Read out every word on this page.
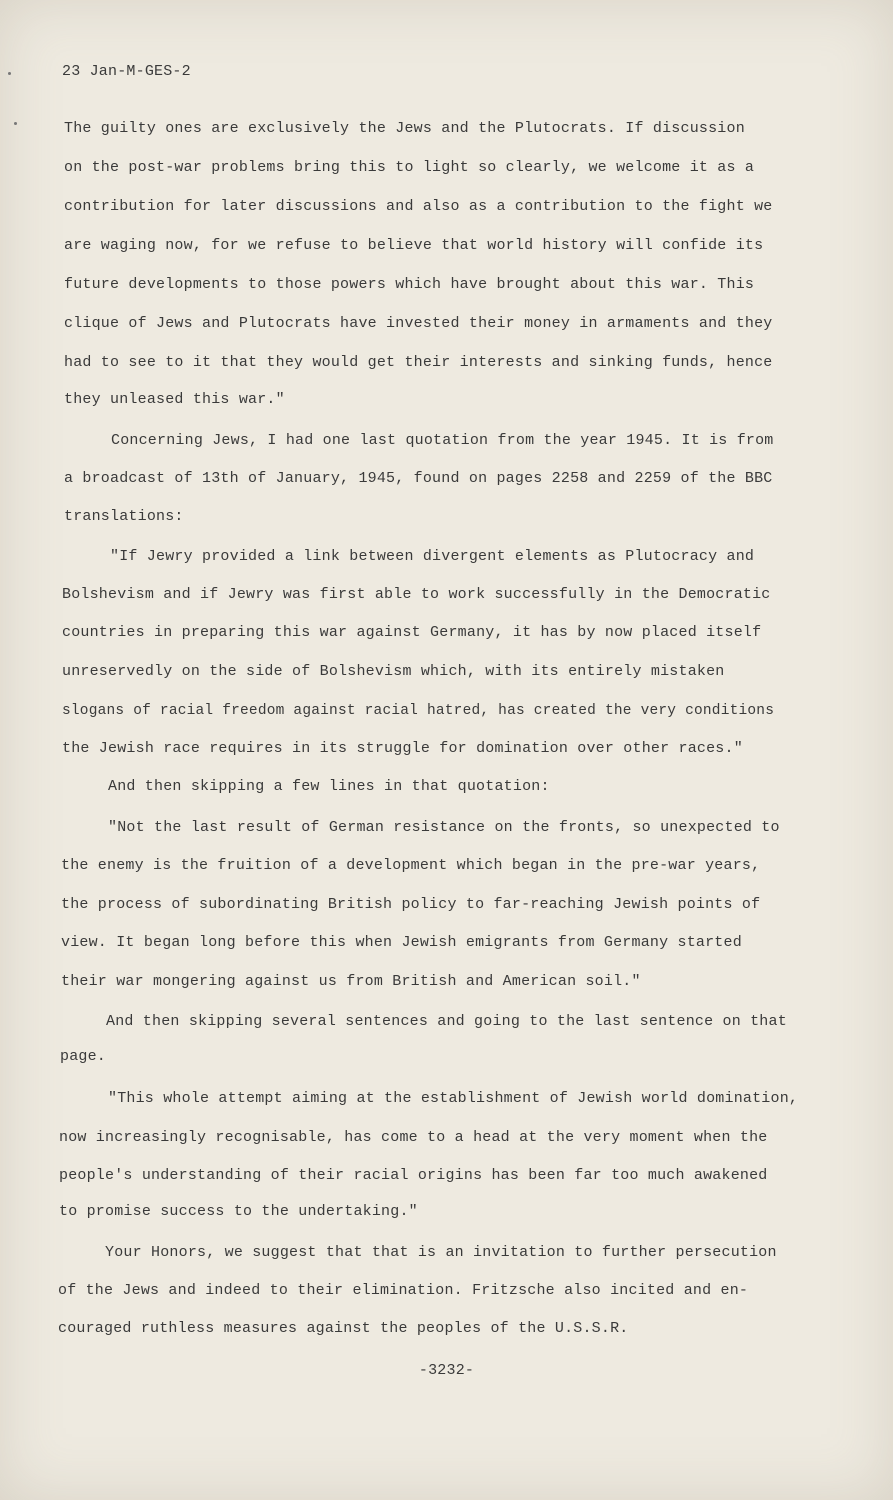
23 Jan-M-GES-2
The guilty ones are exclusively the Jews and the Plutocrats. If discussion
on the post-war problems bring this to light so clearly, we welcome it as a
contribution for later discussions and also as a contribution to the fight we
are waging now, for we refuse to believe that world history will confide its
future developments to those powers which have brought about this war. This
clique of Jews and Plutocrats have invested their money in armaments and they
had to see to it that they would get their interests and sinking funds, hence
they unleased this war."
Concerning Jews, I had one last quotation from the year 1945. It is from
a broadcast of 13th of January, 1945, found on pages 2258 and 2259 of the BBC
translations:
"If Jewry provided a link between divergent elements as Plutocracy and
Bolshevism and if Jewry was first able to work successfully in the Democratic
countries in preparing this war against Germany, it has by now placed itself
unreservedly on the side of Bolshevism which, with its entirely mistaken
slogans of racial freedom against racial hatred, has created the very conditions
the Jewish race requires in its struggle for domination over other races."
And then skipping a few lines in that quotation:
"Not the last result of German resistance on the fronts, so unexpected to
the enemy is the fruition of a development which began in the pre-war years,
the process of subordinating British policy to far-reaching Jewish points of
view. It began long before this when Jewish emigrants from Germany started
their war mongering against us from British and American soil."
And then skipping several sentences and going to the last sentence on that
page.
"This whole attempt aiming at the establishment of Jewish world domination,
now increasingly recognisable, has come to a head at the very moment when the
people's understanding of their racial origins has been far too much awakened
to promise success to the undertaking."
Your Honors, we suggest that that is an invitation to further persecution
of the Jews and indeed to their elimination. Fritzsche also incited and en-
couraged ruthless measures against the peoples of the U.S.S.R.
-3232-
